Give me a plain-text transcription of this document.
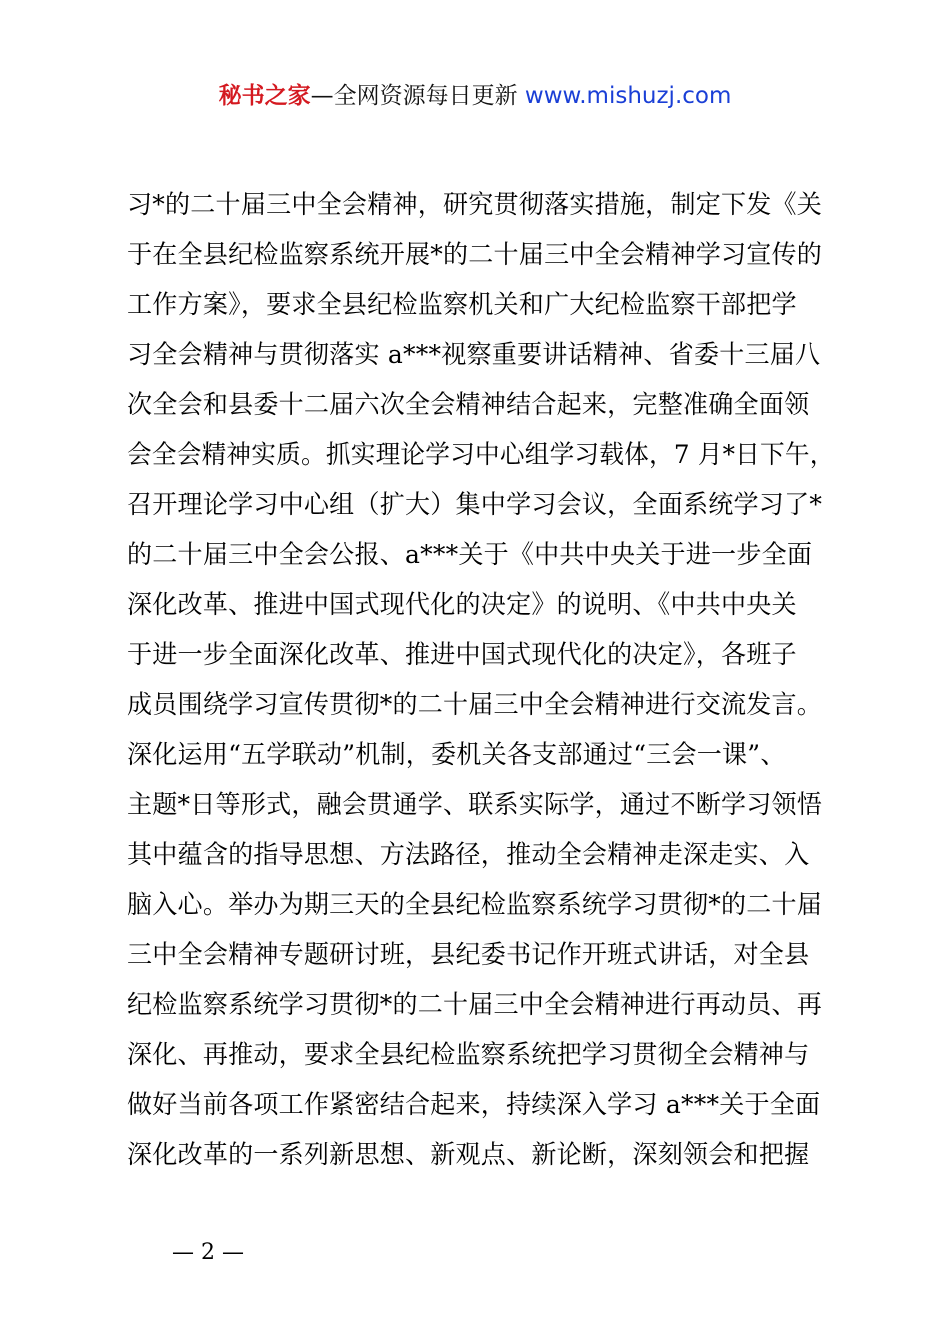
秘书之家—全网资源每日更新 www.mishuzj.com
习*的二十届三中全会精神，研究贯彻落实措施，制定下发《关
于在全县纪检监察系统开展*的二十届三中全会精神学习宣传的
工作方案》，要求全县纪检监察机关和广大纪检监察干部把学
习全会精神与贯彻落实 a***视察重要讲话精神、省委十三届八
次全会和县委十二届六次全会精神结合起来，完整准确全面领
会全会精神实质。抓实理论学习中心组学习载体，7 月*日下午，
召开理论学习中心组（扩大）集中学习会议，全面系统学习了*
的二十届三中全会公报、a***关于《中共中央关于进一步全面
深化改革、推进中国式现代化的决定》的说明、《中共中央关
于进一步全面深化改革、推进中国式现代化的决定》，各班子
成员围绕学习宣传贯彻*的二十届三中全会精神进行交流发言。
深化运用“五学联动”机制，委机关各支部通过“三会一课”、
主题*日等形式，融会贯通学、联系实际学，通过不断学习领悟
其中蕴含的指导思想、方法路径，推动全会精神走深走实、入
脑入心。举办为期三天的全县纪检监察系统学习贯彻*的二十届
三中全会精神专题研讨班，县纪委书记作开班式讲话，对全县
纪检监察系统学习贯彻*的二十届三中全会精神进行再动员、再
深化、再推动，要求全县纪检监察系统把学习贯彻全会精神与
做好当前各项工作紧密结合起来，持续深入学习 a***关于全面
深化改革的一系列新思想、新观点、新论断，深刻领会和把握
— 2 —
